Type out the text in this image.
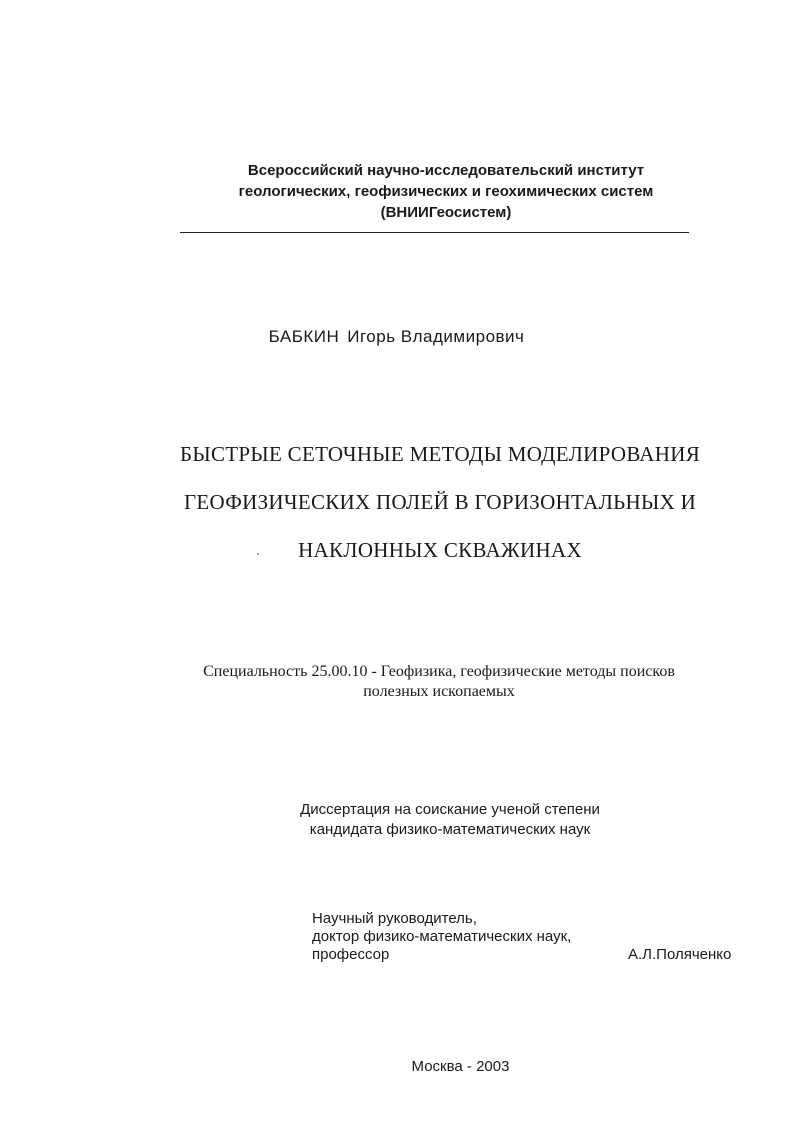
Всероссийский научно-исследовательский институт
геологических, геофизических и геохимических систем
(ВНИИГеосистем)
БАБКИН Игорь Владимирович
БЫСТРЫЕ СЕТОЧНЫЕ МЕТОДЫ МОДЕЛИРОВАНИЯ
ГЕОФИЗИЧЕСКИХ ПОЛЕЙ В ГОРИЗОНТАЛЬНЫХ И
НАКЛОННЫХ СКВАЖИНАХ
Специальность 25.00.10 - Геофизика, геофизические методы поисков
полезных ископаемых
Диссертация на соискание ученой степени
кандидата физико-математических наук
Научный руководитель,
доктор физико-математических наук,
профессор	А.Л.Поляченко
Москва - 2003
